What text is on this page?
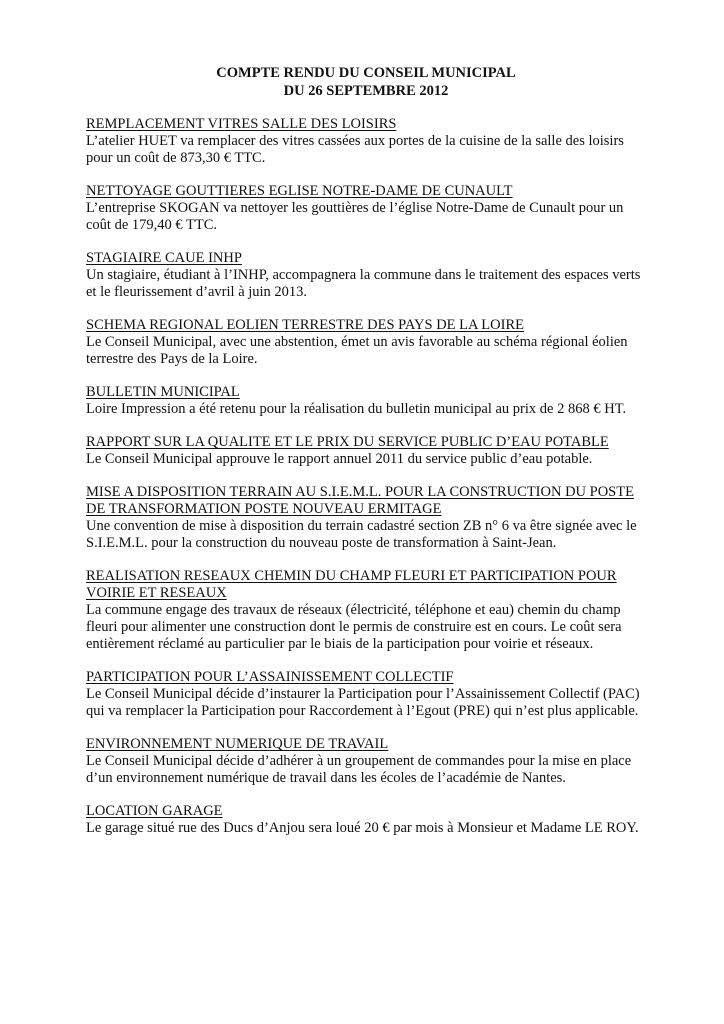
COMPTE RENDU DU CONSEIL MUNICIPAL
DU 26 SEPTEMBRE 2012

REMPLACEMENT VITRES SALLE DES LOISIRS

L’atelier HUET va remplacer des vitres cassées aux portes de la cuisine de la salle des loisirs pour un coût de 873,30 € TTC.

NETTOYAGE GOUTTIERES EGLISE NOTRE-DAME DE CUNAULT

L’entreprise SKOGAN va nettoyer les gouttières de l’église Notre-Dame de Cunault pour un coût de 179,40 € TTC.

STAGIAIRE CAUE INHP

Un stagiaire, étudiant à l’INHP, accompagnera la commune dans le traitement des espaces verts et le fleurissement d’avril à juin 2013.

SCHEMA REGIONAL EOLIEN TERRESTRE DES PAYS DE LA LOIRE

Le Conseil Municipal, avec une abstention, émet un avis favorable au schéma régional éolien terrestre des Pays de la Loire.

BULLETIN MUNICIPAL

Loire Impression a été retenu pour la réalisation du bulletin municipal au prix de 2 868 € HT.

RAPPORT SUR LA QUALITE ET LE PRIX DU SERVICE PUBLIC D’EAU POTABLE

Le Conseil Municipal approuve le rapport annuel 2011 du service public d’eau potable.

MISE A DISPOSITION TERRAIN AU S.I.E.M.L. POUR LA CONSTRUCTION DU POSTE DE TRANSFORMATION POSTE NOUVEAU ERMITAGE

Une convention de mise à disposition du terrain cadastré section ZB n° 6 va être signée avec le S.I.E.M.L. pour la construction du nouveau poste de transformation à Saint-Jean.

REALISATION RESEAUX CHEMIN DU CHAMP FLEURI ET PARTICIPATION POUR VOIRIE ET RESEAUX

La commune engage des travaux de réseaux (électricité, téléphone et eau) chemin du champ fleuri pour alimenter une construction dont le permis de construire est en cours. Le coût sera entièrement réclamé au particulier par le biais de la participation pour voirie et réseaux.

PARTICIPATION POUR L’ASSAINISSEMENT COLLECTIF

Le Conseil Municipal décide d’instaurer la Participation pour l’Assainissement Collectif (PAC) qui va remplacer la Participation pour Raccordement à l’Egout (PRE) qui n’est plus applicable.

ENVIRONNEMENT NUMERIQUE DE TRAVAIL

Le Conseil Municipal décide d’adhérer à un groupement de commandes pour la mise en place d’un environnement numérique de travail dans les écoles de l’académie de Nantes.

LOCATION GARAGE

Le garage situé rue des Ducs d’Anjou sera loué 20 € par mois à Monsieur et Madame LE ROY.
